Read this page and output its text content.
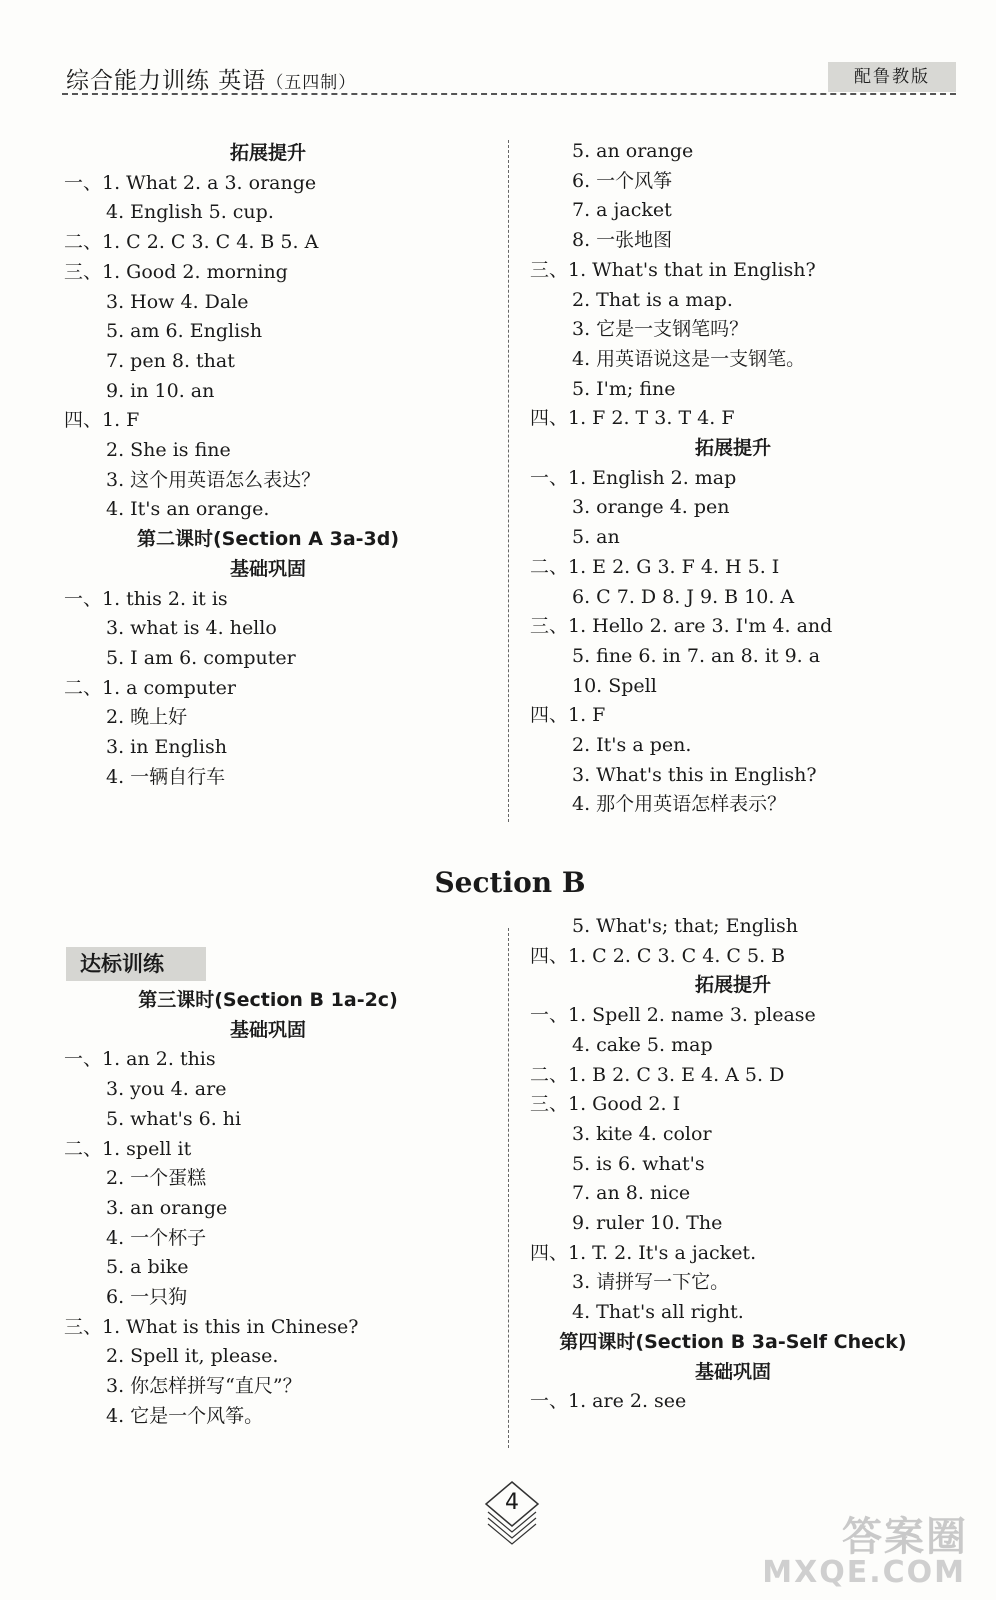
综合能力训练 英语（五四制）	配鲁教版
拓展提升
一、1. What 2. a 3. orange
4. English 5. cup.
二、1. C 2. C 3. C 4. B 5. A
三、1. Good 2. morning
3. How 4. Dale
5. am 6. English
7. pen 8. that
9. in 10. an
四、1. F
2. She is fine
3. 这个用英语怎么表达？
4. It's an orange.
第二课时(Section A 3a-3d)
基础巩固
一、1. this 2. it is
3. what is 4. hello
5. I am 6. computer
二、1. a computer
2. 晚上好
3. in English
4. 一辆自行车
5. an orange
6. 一个风筝
7. a jacket
8. 一张地图
三、1. What's that in English?
2. That is a map.
3. 它是一支钢笔吗？
4. 用英语说这是一支钢笔。
5. I'm; fine
四、1. F 2. T 3. T 4. F
拓展提升
一、1. English 2. map
3. orange 4. pen
5. an
二、1. E 2. G 3. F 4. H 5. I
6. C 7. D 8. J 9. B 10. A
三、1. Hello 2. are 3. I'm 4. and
5. fine 6. in 7. an 8. it 9. a
10. Spell
四、1. F
2. It's a pen.
3. What's this in English?
4. 那个用英语怎样表示？
Section B
达标训练
第三课时(Section B 1a-2c)
基础巩固
一、1. an 2. this
3. you 4. are
5. what's 6. hi
二、1. spell it
2. 一个蛋糕
3. an orange
4. 一个杯子
5. a bike
6. 一只狗
三、1. What is this in Chinese?
2. Spell it, please.
3. 你怎样拼写“直尺”？
4. 它是一个风筝。
5. What's; that; English
四、1. C 2. C 3. C 4. C 5. B
拓展提升
一、1. Spell 2. name 3. please
4. cake 5. map
二、1. B 2. C 3. E 4. A 5. D
三、1. Good 2. I
3. kite 4. color
5. is 6. what's
7. an 8. nice
9. ruler 10. The
四、1. T. 2. It's a jacket.
3. 请拼写一下它。
4. That's all right.
第四课时(Section B 3a-Self Check)
基础巩固
一、1. are 2. see
4
答案圈
MXQE.COM
